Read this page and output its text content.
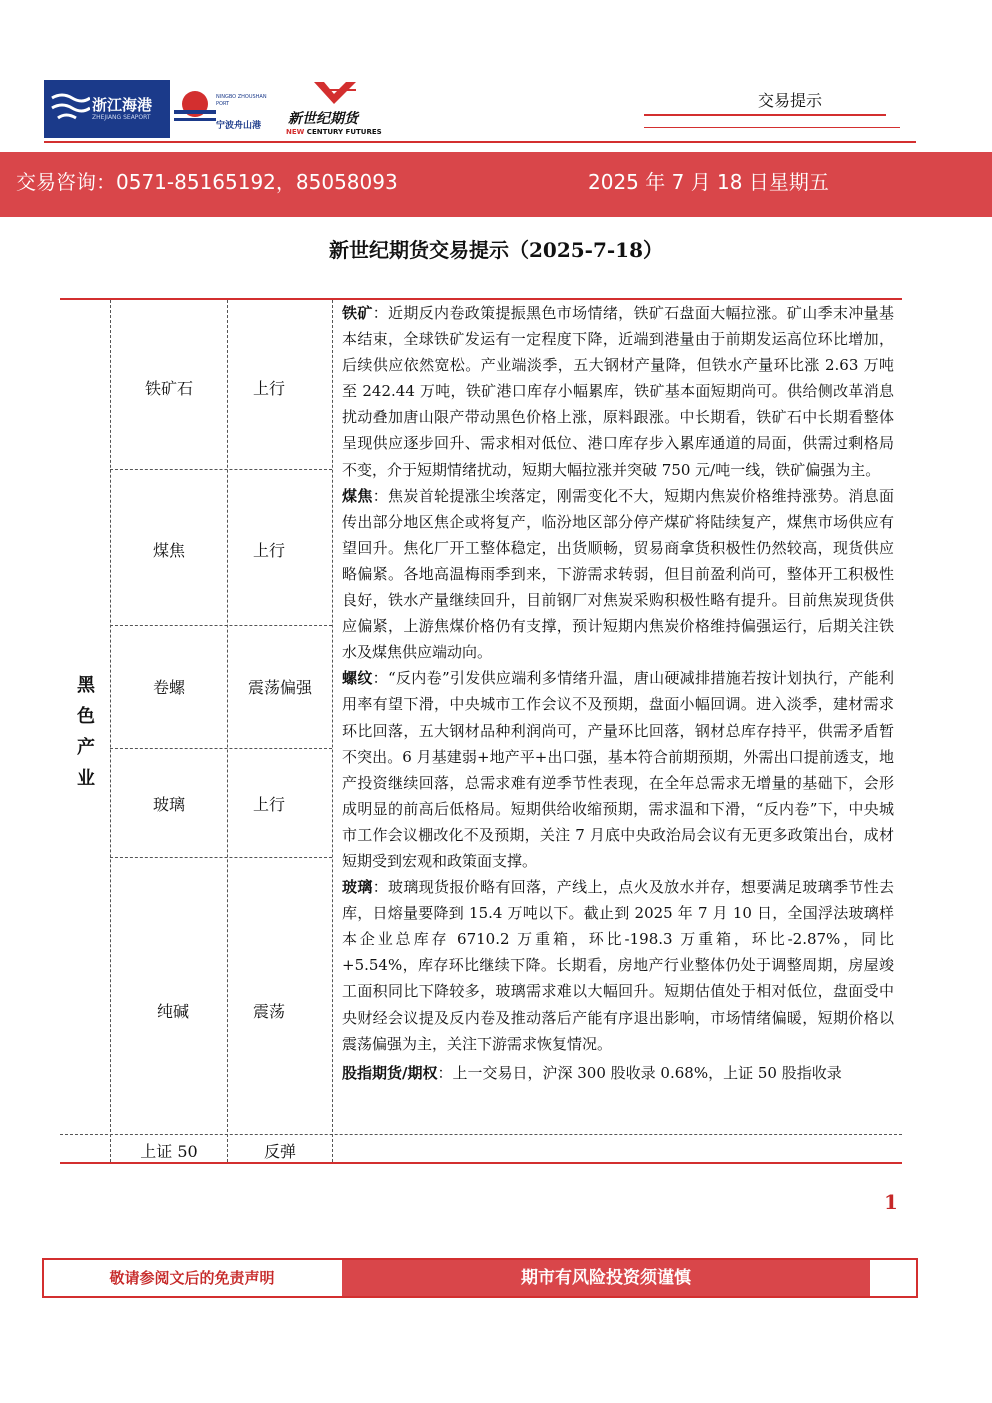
浙江海港
ZHEJIANG SEAPORT
NINGBO ZHOUSHAN PORT
宁波舟山港 新世纪期货
NEW CENTURY FUTURES
交易提示
交易咨询：0571-85165192，85058093	2025 年 7 月 18 日星期五
新世纪期货交易提示（2025-7-18）
黑色产业
铁矿石	上行
煤焦	上行
卷螺	震荡偏强
玻璃	上行
纯碱	震荡
上证 50	反弹

铁矿：近期反内卷政策提振黑色市场情绪，铁矿石盘面大幅拉涨。矿山季末冲量基本结束，全球铁矿发运有一定程度下降，近端到港量由于前期发运高位环比增加，后续供应依然宽松。产业端淡季，五大钢材产量降，但铁水产量环比涨 2.63 万吨至 242.44 万吨，铁矿港口库存小幅累库，铁矿基本面短期尚可。供给侧改革消息扰动叠加唐山限产带动黑色价格上涨，原料跟涨。中长期看，铁矿石中长期看整体呈现供应逐步回升、需求相对低位、港口库存步入累库通道的局面，供需过剩格局不变，介于短期情绪扰动，短期大幅拉涨并突破 750 元/吨一线，铁矿偏强为主。

煤焦：焦炭首轮提涨尘埃落定，刚需变化不大，短期内焦炭价格维持涨势。消息面传出部分地区焦企或将复产，临汾地区部分停产煤矿将陆续复产，煤焦市场供应有望回升。焦化厂开工整体稳定，出货顺畅，贸易商拿货积极性仍然较高，现货供应略偏紧。各地高温梅雨季到来，下游需求转弱，但目前盈利尚可，整体开工积极性良好，铁水产量继续回升，目前钢厂对焦炭采购积极性略有提升。目前焦炭现货供应偏紧，上游焦煤价格仍有支撑，预计短期内焦炭价格维持偏强运行，后期关注铁水及煤焦供应端动向。

螺纹：“反内卷”引发供应端利多情绪升温，唐山硬减排措施若按计划执行，产能利用率有望下滑，中央城市工作会议不及预期，盘面小幅回调。进入淡季，建材需求环比回落，五大钢材品种利润尚可，产量环比回落，钢材总库存持平，供需矛盾暂不突出。6 月基建弱+地产平+出口强，基本符合前期预期，外需出口提前透支，地产投资继续回落，总需求难有逆季节性表现，在全年总需求无增量的基础下，会形成明显的前高后低格局。短期供给收缩预期，需求温和下滑，“反内卷”下，中央城市工作会议棚改化不及预期，关注 7 月底中央政治局会议有无更多政策出台，成材短期受到宏观和政策面支撑。

玻璃：玻璃现货报价略有回落，产线上，点火及放水并存，想要满足玻璃季节性去库，日熔量要降到 15.4 万吨以下。截止到 2025 年 7 月 10 日，全国浮法玻璃样本企业总库存 6710.2 万重箱，环比-198.3 万重箱，环比-2.87%，同比+5.54%，库存环比继续下降。长期看，房地产行业整体仍处于调整周期，房屋竣工面积同比下降较多，玻璃需求难以大幅回升。短期估值处于相对低位，盘面受中央财经会议提及反内卷及推动落后产能有序退出影响，市场情绪偏暖，短期价格以震荡偏强为主，关注下游需求恢复情况。

股指期货/期权：上一交易日，沪深 300 股收录 0.68%，上证 50 股指收录

1
敬请参阅文后的免责声明	期市有风险投资须谨慎
